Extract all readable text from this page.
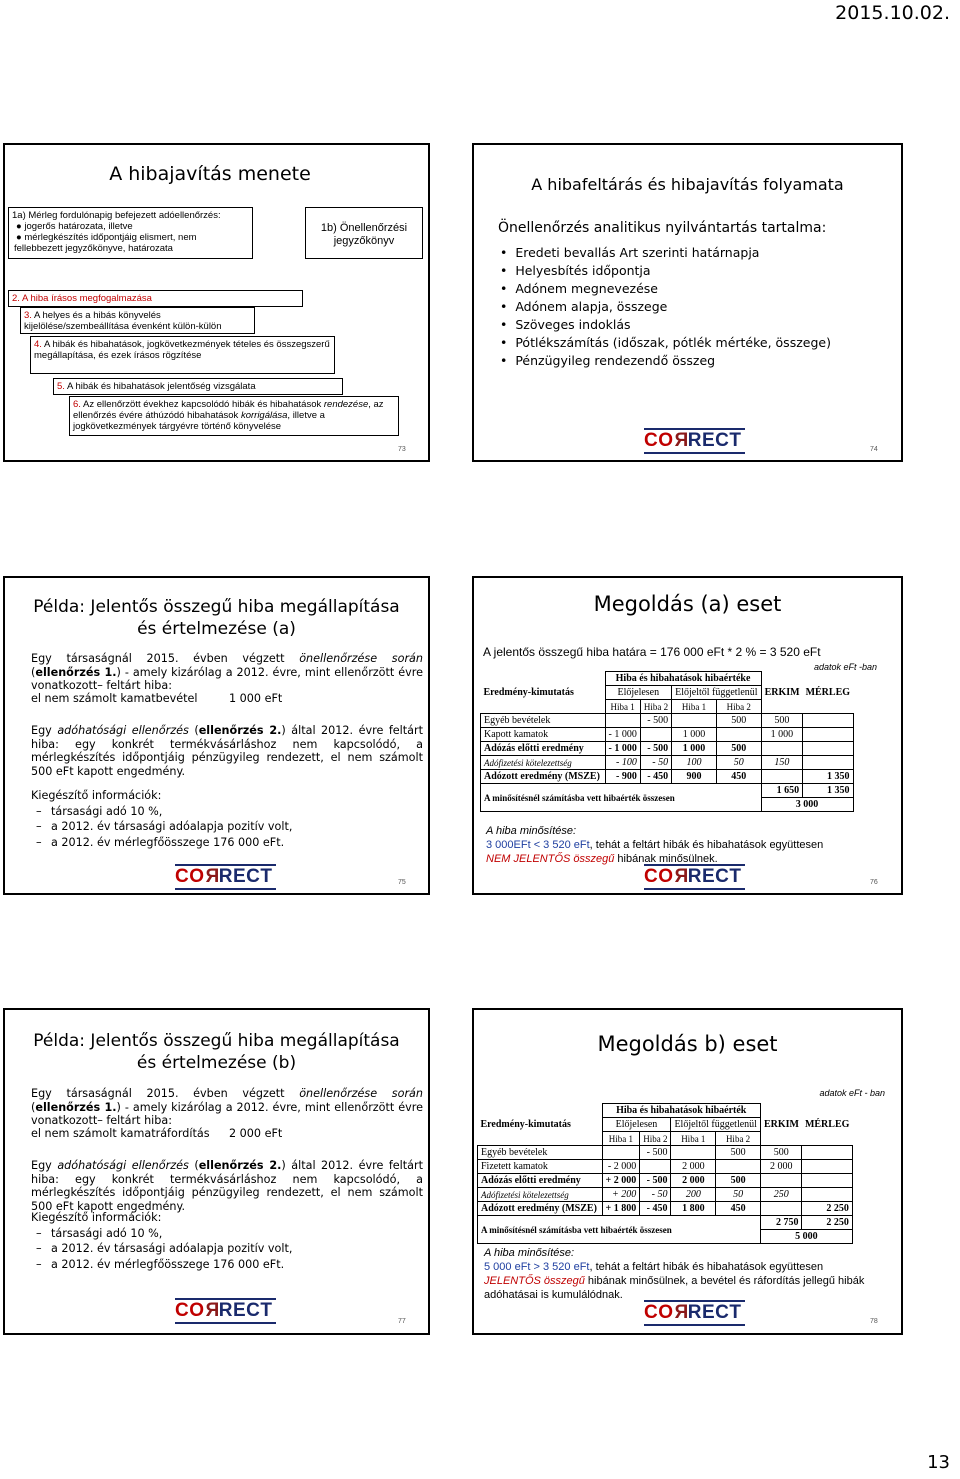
2015.10.02.
A hibajavítás menete
1a) Mérleg fordulónapig befejezett adóellenőrzés:
● jogerős határozata, illetve
● mérlegkészítés időpontjáig elismert, nem
fellebbezett jegyzőkönyve, határozata
1b) Önellenőrzési jegyzőkönyv
2. A hiba írásos megfogalmazása
3. A helyes és a hibás könyvelés kijelölése/szembeállítása évenként külön-külön
4. A hibák és hibahatások, jogkövetkezmények tételes és összegszerű megállapítása, és ezek írásos rögzítése
5. A hibák és hibahatások jelentőség vizsgálata
6. Az ellenőrzött évekhez kapcsolódó hibák és hibahatások rendezése, az ellenőrzés évére áthúzódó hibahatások korrigálása, illetve a jogkövetkezmények tárgyévre történő könyvelése
73
A hibafeltárás és hibajavítás folyamata
Önellenőrzés analitikus nyilvántartás tartalma:
•  Eredeti bevallás Art szerinti határnapja
•  Helyesbítés időpontja
•  Adónem megnevezése
•  Adónem alapja, összege
•  Szöveges indoklás
•  Pótlékszámítás (időszak, pótlék mértéke, összege)
•  Pénzügyileg rendezendő összeg
CORRECT	74
Példa: Jelentős összegű hiba megállapítása
és értelmezése (a)
Egy társaságnál 2015. évben végzett önellenőrzése során (ellenőrzés 1.) - amely kizárólag a 2012. évre, mint ellenőrzött évre vonatkozott– feltárt hiba:
el nem számolt kamatbevétel	1 000 eFt
Egy adóhatósági ellenőrzés (ellenőrzés 2.) által 2012. évre feltárt hiba: egy konkrét termékvásárláshoz nem kapcsolódó, a mérlegkészítés időpontjáig pénzügyileg rendezett, el nem számolt 500 eFt kapott engedmény.
Kiegészítő információk:
– társasági adó 10 %,
– a 2012. év társasági adóalapja pozitív volt,
– a 2012. év mérlegfőösszege 176 000 eFt.
CORRECT	75
Megoldás (a) eset
A jelentős összegű hiba határa = 176 000 eFt * 2 % = 3 520 eFt
adatok eFt -ban
Eredmény-kimutatás	Hiba és hibahatások hibaértéke				ERKIM	MÉRLEG
	Előjelesen		Előjeltől függetlenül			
	Hiba 1	Hiba 2	Hiba 1	Hiba 2		
Egyéb bevételek		- 500		500	500	
Kapott kamatok	- 1 000		1 000		1 000	
Adózás előtti eredmény	- 1 000	- 500	1 000	500		
Adófizetési kötelezettség	- 100	- 50	100	50	150	
Adózott eredmény (MSZE)	- 900	- 450	900	450		1 350
A minősítésnél számításba vett hibaérték összesen					1 650	1 350
					3 000	
A hiba minősítése:
3 000EFt < 3 520 eFt, tehát a feltárt hibák és hibahatások együttesen
NEM JELENTŐS összegű hibának minősülnek.
CORRECT	76
Példa: Jelentős összegű hiba megállapítása
és értelmezése (b)
Egy társaságnál 2015. évben végzett önellenőrzése során (ellenőrzés 1.) - amely kizárólag a 2012. évre, mint ellenőrzött évre vonatkozott– feltárt hiba:
el nem számolt kamatráfordítás 2 000 eFt
Egy adóhatósági ellenőrzés (ellenőrzés 2.) által 2012. évre feltárt hiba: egy konkrét termékvásárláshoz nem kapcsolódó, a mérlegkészítés időpontjáig pénzügyileg rendezett, el nem számolt 500 eFt kapott engedmény.
Kiegészítő információk:
– társasági adó 10 %,
– a 2012. év társasági adóalapja pozitív volt,
– a 2012. év mérlegfőösszege 176 000 eFt.
CORRECT
77
Megoldás b) eset
adatok eFt - ban
Eredmény-kimutatás	Hiba és hibahatások hibaérték				ERKIM	MÉRLEG
	Előjelesen		Előjeltől függetlenül			
	Hiba 1	Hiba 2	Hiba 1	Hiba 2		
Egyéb bevételek		- 500		500	500	
Fizetett kamatok	- 2 000		2 000		2 000	
Adózás előtti eredmény	+ 2 000	- 500	2 000	500		
Adófizetési kötelezettség	+ 200	- 50	200	50	250	
Adózott eredmény (MSZE)	+ 1 800	- 450	1 800	450		2 250
A minősítésnél számításba vett hibaérték összesen					2 750	2 250
					5 000	
A hiba minősítése:
5 000 eFt > 3 520 eFt, tehát a feltárt hibák és hibahatások együttesen
JELENTŐS összegű hibának minősülnek, a bevétel és ráfordítás jellegű hibák adóhatásai is kumulálódnak.
CORRECT	78
13
